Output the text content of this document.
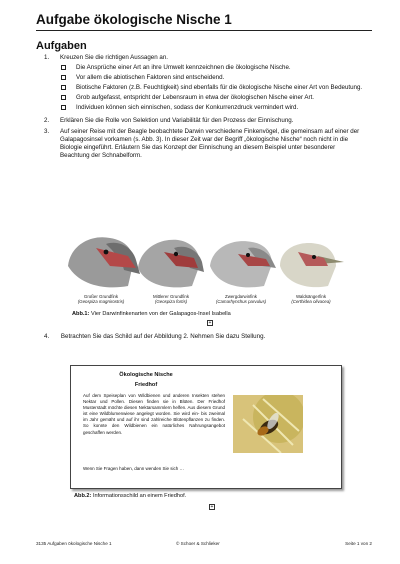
Aufgabe ökologische Nische 1
Aufgaben
1. Kreuzen Sie die richtigen Aussagen an.
Die Ansprüche einer Art an ihre Umwelt kennzeichnen die ökologische Nische.
Vor allem die abiotischen Faktoren sind entscheidend.
Biotische Faktoren (z.B. Feuchtigkeit) sind ebenfalls für die ökologische Nische einer Art von Bedeutung.
Grob aufgefasst, entspricht der Lebensraum in etwa der ökologischen Nische einer Art.
Individuen können sich einnischen, sodass der Konkurrenzdruck vermindert wird.
2. Erklären Sie die Rolle von Selektion und Variabilität für den Prozess der Einnischung.
3. Auf seiner Reise mit der Beagle beobachtete Darwin verschiedene Finkenvögel, die gemeinsam auf einer der Galapagosinsel vorkamen (s. Abb. 3). In dieser Zeit war der Begriff „ökologische Nische“ noch nicht in die Biologie eingeführt. Erläutern Sie das Konzept der Einnischung an diesem Beispiel unter besonderer Beachtung der Schnabelform.
Großer Grundfink
(Geospiza magnirostris)
Mittlerer Grundfink
(Geospiza fortis)
Zwergdarwinfink
(Camarhynchus parvulus)
Waldsängerfink
(Certhidea olivacea)
Abb.1: Vier Darwinfinkenarten von der Galapagos-Insel Isabella
+
4. Betrachten Sie das Schild auf der Abbildung 2. Nehmen Sie dazu Stellung.
Ökologische Nische
Friedhof
Auf dem Speiseplan von Wildbienen und anderen Insekten stehen Nektar und Pollen. Diesen finden sie in Blüten. Der Friedhof Musterstadt möchte diesen Nektarsammlern helfen. Aus diesem Grund ist eine Wildblumenwiese angelegt worden. Sie wird ein- bis zweimal im Jahr gemäht und auf ihr sind zahlreiche Blütenpflanzen zu finden. So konnte den Wildbienen ein natürliches Nahrungsangebot geschaffen werden.
Wenn Sie Fragen haben, dann wenden Sie sich …
Abb.2: Informationsschild an einem Friedhof.
+
3135 Aufgaben ökologische Nische 1	© Schoer & Schlieker	Seite 1 von 2
